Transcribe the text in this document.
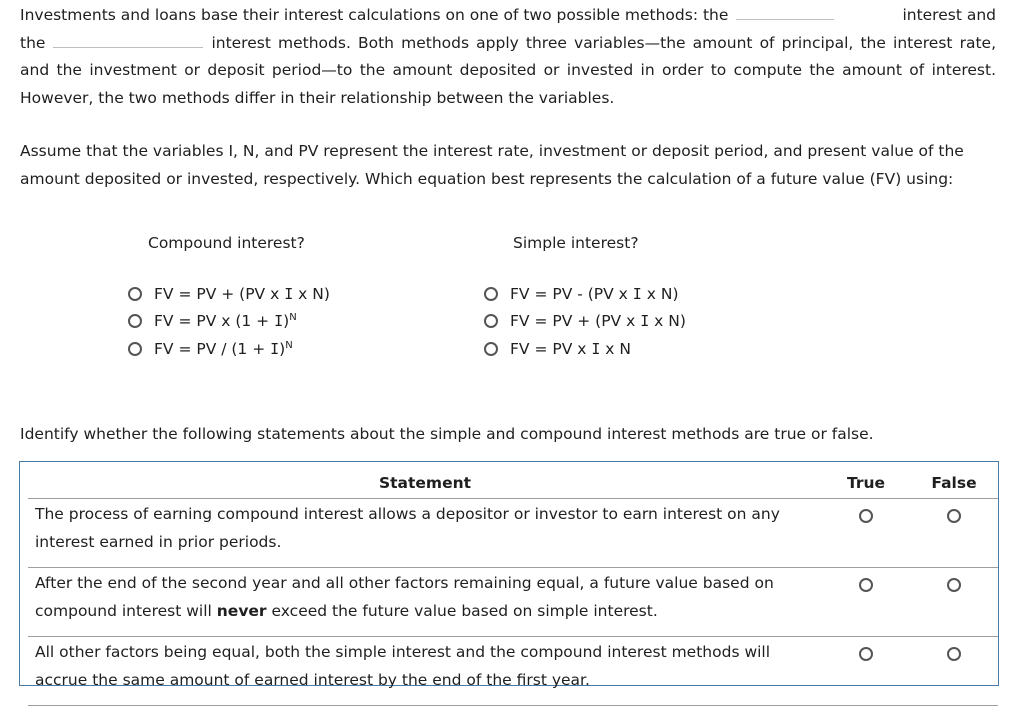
Investments and loans base their interest calculations on one of two possible methods: the	interest and

the	interest methods. Both methods apply three variables—the amount of principal, the interest rate, and the investment or deposit period—to the amount deposited or invested in order to compute the amount of interest. However, the two methods differ in their relationship between the variables.
Assume that the variables I, N, and PV represent the interest rate, investment or deposit period, and present value of the amount deposited or invested, respectively. Which equation best represents the calculation of a future value (FV) using:
Compound interest?	Simple interest?
FV = PV + (PV x I x N)
FV = PV x $(1 + I)^N$
FV = PV / $(1 + I)^N$
FV = PV - (PV x I x N)
FV = PV + (PV x I x N)
FV = PV x I x N
Identify whether the following statements about the simple and compound interest methods are true or false.
Statement	True	False
The process of earning compound interest allows a depositor or investor to earn interest on any interest earned in prior periods.	

After the end of the second year and all other factors remaining equal, a future value based on compound interest will never exceed the future value based on simple interest.	

All other factors being equal, both the simple interest and the compound interest methods will accrue the same amount of earned interest by the end of the first year.	
